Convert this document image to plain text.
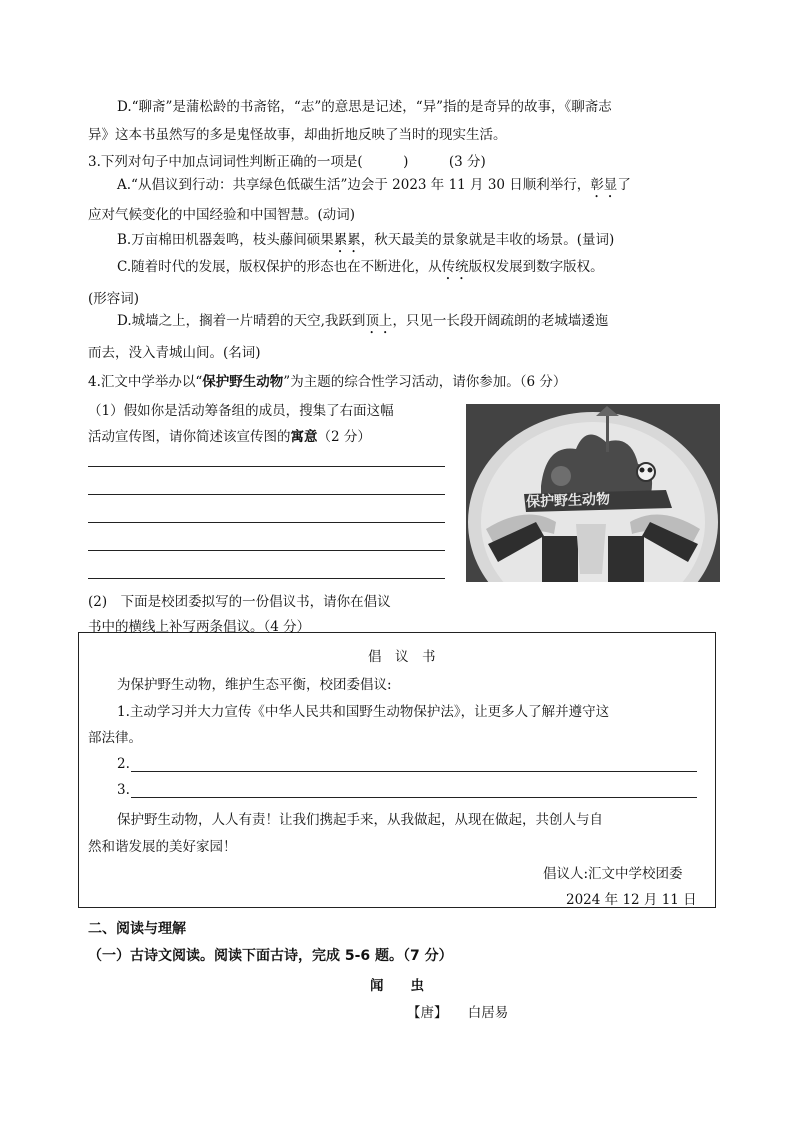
D.“聊斋”是蒲松龄的书斋铭，“志”的意思是记述，“异”指的是奇异的故事，《聊斋志
异》这本书虽然写的多是鬼怪故事，却曲折地反映了当时的现实生活。
3.下列对句子中加点词词性判断正确的一项是(　　　)　　　(3 分)
A.“从倡议到行动：共享绿色低碳生活”边会于 2023 年 11 月 30 日顺利举行，彰显了
应对气候变化的中国经验和中国智慧。(动词)
B.万亩棉田机器轰鸣，枝头藤间硕果累累，秋天最美的景象就是丰收的场景。(量词)
C.随着时代的发展，版权保护的形态也在不断进化，从传统版权发展到数字版权。
(形容词)
D.城墙之上，搁着一片晴碧的天空,我跃到顶上，只见一长段开阔疏朗的老城墙逶迤
而去，没入青城山间。(名词)
4.汇文中学举办以“保护野生动物”为主题的综合性学习活动，请你参加。（6 分）
（1）假如你是活动筹备组的成员，搜集了右面这幅
活动宣传图，请你简述该宣传图的寓意（2 分）
保护野生动物
(2)　下面是校团委拟写的一份倡议书，请你在倡议
书中的横线上补写两条倡议。（4 分）
倡　议　书
为保护野生动物，维护生态平衡，校团委倡议:
1.主动学习并大力宣传《中华人民共和国野生动物保护法》，让更多人了解并遵守这
部法律。
2.
3.
保护野生动物，人人有责！让我们携起手来，从我做起，从现在做起，共创人与自
然和谐发展的美好家园！
倡议人:汇文中学校团委
2024 年 12 月 11 日
二、阅读与理解
（一）古诗文阅读。阅读下面古诗，完成 5-6 题。（7 分）
闻　　虫
【唐】　　白居易
